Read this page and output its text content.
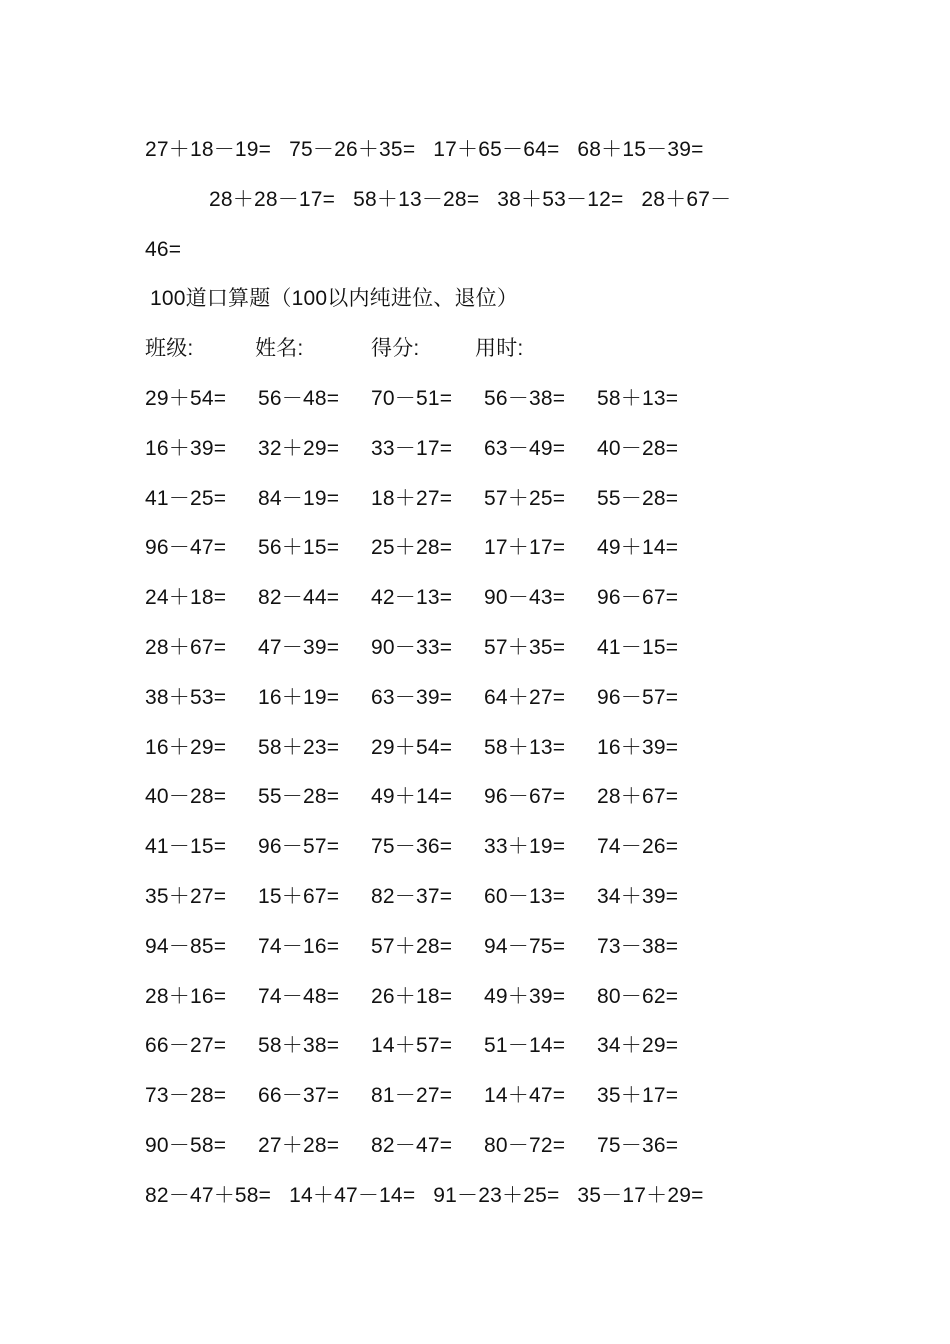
27＋18－19= 75－26＋35= 17＋65－64= 68＋15－39=
28＋28－17= 58＋13－28= 38＋53－12= 28＋67－
46=
100道口算题（100以内纯进位、退位）
班级:	姓名:	得分:	用时:
29＋54= 56－48= 70－51= 56－38= 58＋13=
16＋39= 32＋29= 33－17= 63－49= 40－28=
41－25= 84－19= 18＋27= 57＋25= 55－28=
96－47= 56＋15= 25＋28= 17＋17= 49＋14=
24＋18= 82－44= 42－13= 90－43= 96－67=
28＋67= 47－39= 90－33= 57＋35= 41－15=
38＋53= 16＋19= 63－39= 64＋27= 96－57=
16＋29= 58＋23= 29＋54= 58＋13= 16＋39=
40－28= 55－28= 49＋14= 96－67= 28＋67=
41－15= 96－57= 75－36= 33＋19= 74－26=
35＋27= 15＋67= 82－37= 60－13= 34＋39=
94－85= 74－16= 57＋28= 94－75= 73－38=
28＋16= 74－48= 26＋18= 49＋39= 80－62=
66－27= 58＋38= 14＋57= 51－14= 34＋29=
73－28= 66－37= 81－27= 14＋47= 35＋17=
90－58= 27＋28= 82－47= 80－72= 75－36=
82－47＋58= 14＋47－14= 91－23＋25= 35－17＋29=
